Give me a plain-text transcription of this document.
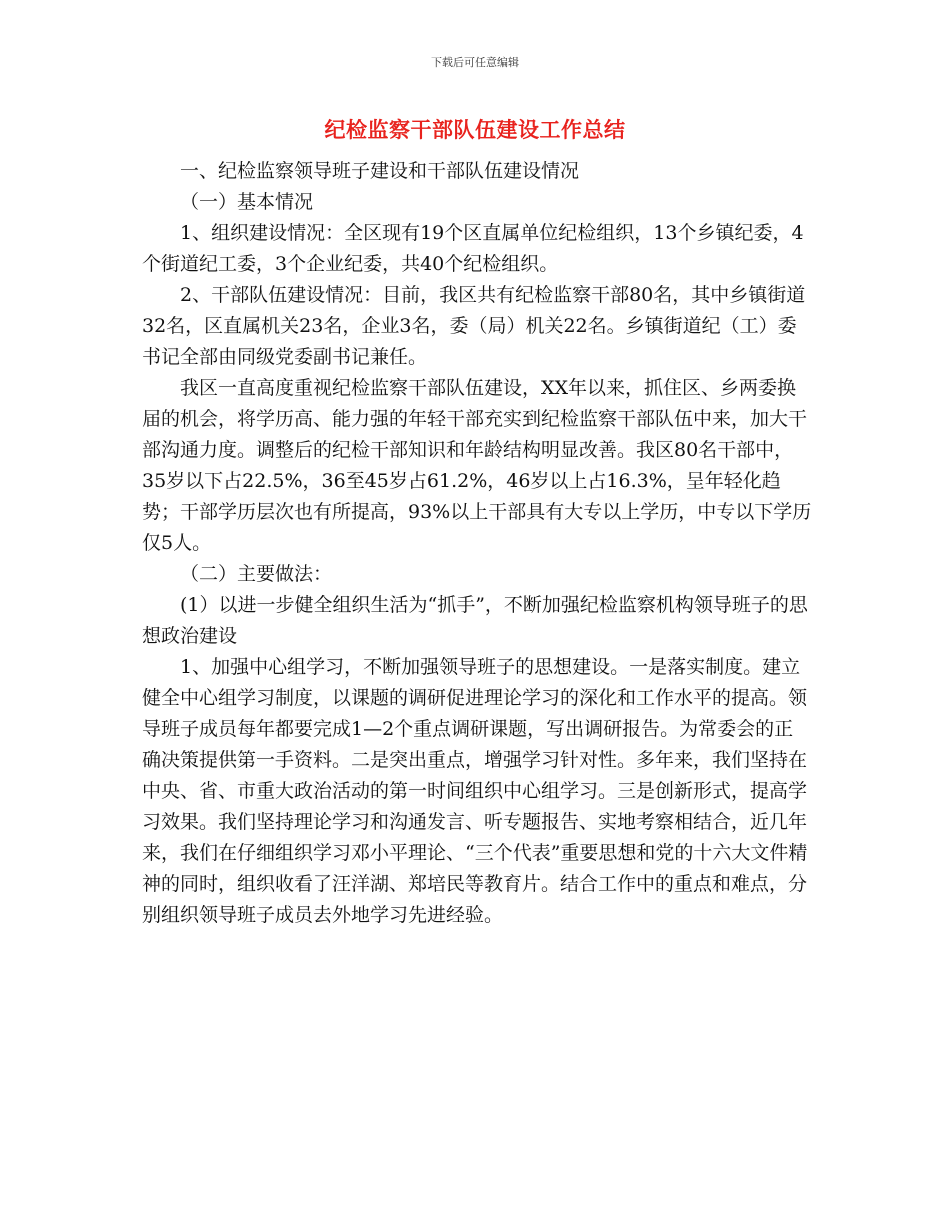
下载后可任意编辑
纪检监察干部队伍建设工作总结

一、纪检监察领导班子建设和干部队伍建设情况

（一）基本情况

1、组织建设情况：全区现有19个区直属单位纪检组织，13个乡镇纪委，4个街道纪工委，3个企业纪委，共40个纪检组织。

2、干部队伍建设情况：目前，我区共有纪检监察干部80名，其中乡镇街道32名，区直属机关23名，企业3名，委（局）机关22名。乡镇街道纪（工）委书记全部由同级党委副书记兼任。

我区一直高度重视纪检监察干部队伍建设，XX年以来，抓住区、乡两委换届的机会，将学历高、能力强的年轻干部充实到纪检监察干部队伍中来，加大干部沟通力度。调整后的纪检干部知识和年龄结构明显改善。我区80名干部中，35岁以下占22.5%，36至45岁占61.2%，46岁以上占16.3%，呈年轻化趋势；干部学历层次也有所提高，93%以上干部具有大专以上学历，中专以下学历仅5人。

（二）主要做法：

(1）以进一步健全组织生活为“抓手”，不断加强纪检监察机构领导班子的思想政治建设

1、加强中心组学习，不断加强领导班子的思想建设。一是落实制度。建立健全中心组学习制度，以课题的调研促进理论学习的深化和工作水平的提高。领导班子成员每年都要完成1—2个重点调研课题，写出调研报告。为常委会的正确决策提供第一手资料。二是突出重点，增强学习针对性。多年来，我们坚持在中央、省、市重大政治活动的第一时间组织中心组学习。三是创新形式，提高学习效果。我们坚持理论学习和沟通发言、听专题报告、实地考察相结合，近几年来，我们在仔细组织学习邓小平理论、“三个代表”重要思想和党的十六大文件精神的同时，组织收看了汪洋湖、郑培民等教育片。结合工作中的重点和难点，分别组织领导班子成员去外地学习先进经验。
